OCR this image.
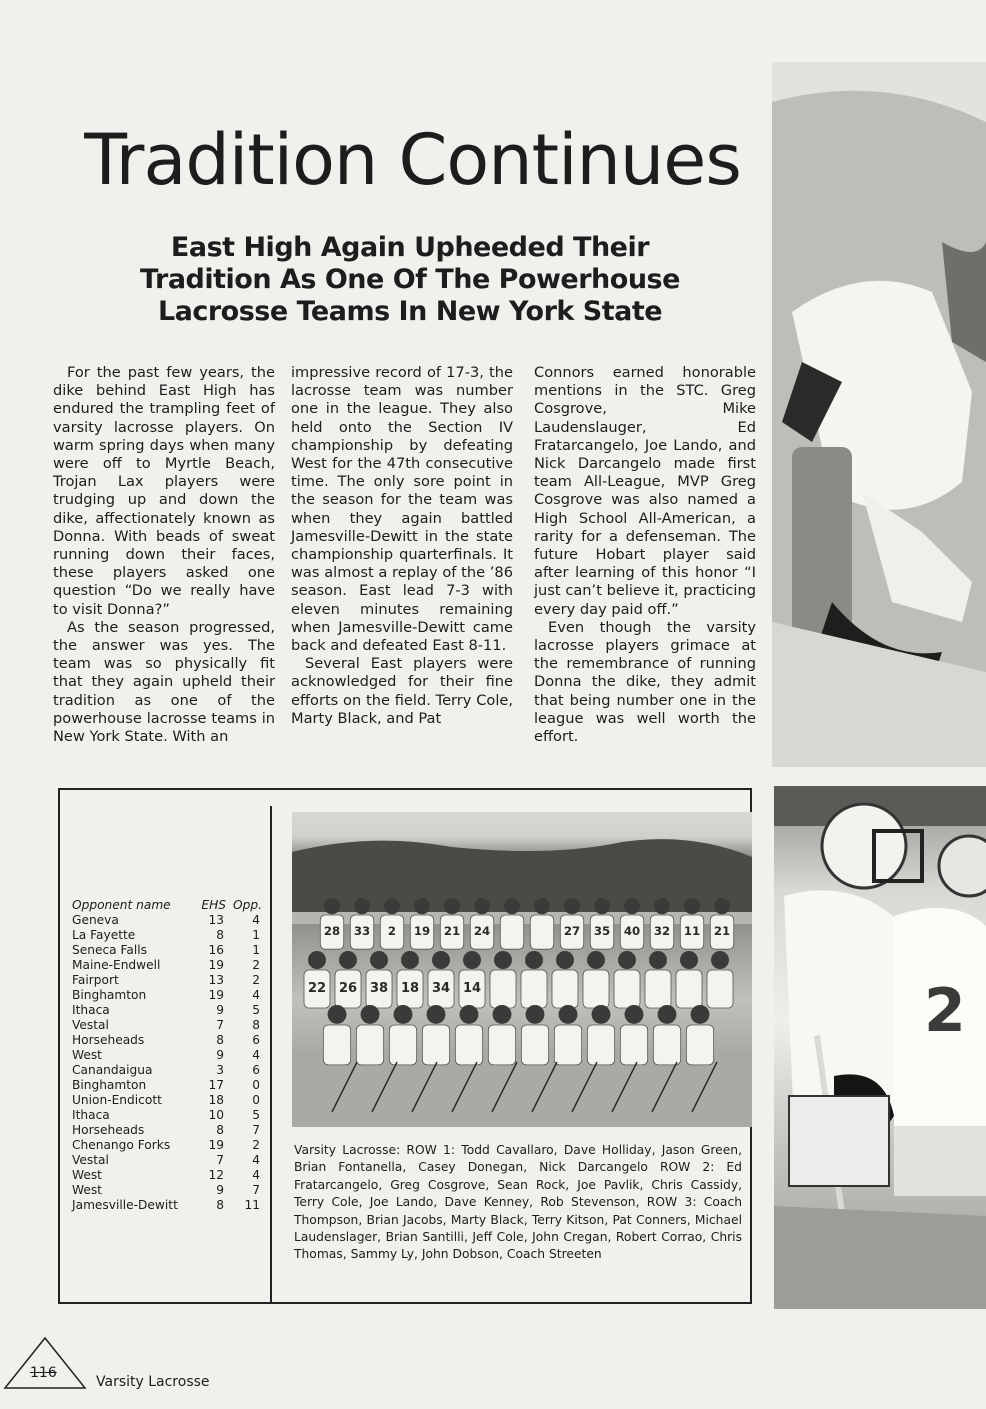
2
Tradition Continues
East High Again Upheeded Their Tradition As One Of The Powerhouse Lacrosse Teams In New York State

For the past few years, the dike behind East High has endured the trampling feet of varsity lacrosse players. On warm spring days when many were off to Myrtle Beach, Trojan Lax players were trudging up and down the dike, affectionately known as Donna. With beads of sweat running down their faces, these players asked one question “Do we really have to visit Donna?”

As the season progressed, the answer was yes. The team was so physically fit that they again upheld their tradition as one of the powerhouse lacrosse teams in New York State. With an

impressive record of 17-3, the lacrosse team was number one in the league. They also held onto the Section IV championship by defeating West for the 47th consecutive time. The only sore point in the season for the team was when they again battled Jamesville-Dewitt in the state championship quarterfinals. It was almost a replay of the ’86 season. East lead 7-3 with eleven minutes remaining when Jamesville-Dewitt came back and defeated East 8-11.

Several East players were acknowledged for their fine efforts on the field. Terry Cole, Marty Black, and Pat

Connors earned honorable mentions in the STC. Greg Cosgrove, Mike Laudenslauger, Ed Fratarcangelo, Joe Lando, and Nick Darcangelo made first team All-League, MVP Greg Cosgrove was also named a High School All-American, a rarity for a defenseman. The future Hobart player said after learning of this honor “I just can’t believe it, practicing every day paid off.”

Even though the varsity lacrosse players grimace at the remembrance of running Donna the dike, they admit that being number one in the league was well worth the effort.

Opponent name	EHS	Opp.
Geneva	13	4
La Fayette	8	1
Seneca Falls	16	1
Maine-Endwell	19	2
Fairport	13	2
Binghamton	19	4
Ithaca	9	5
Vestal	7	8
Horseheads	8	6
West	9	4
Canandaigua	3	6
Binghamton	17	0
Union-Endicott	18	0
Ithaca	10	5
Horseheads	8	7
Chenango Forks	19	2
Vestal	7	4
West	12	4
West	9	7
Jamesville-Dewitt	8	11
28 33 2 19 21 24	27 35 40 32 11 21
22 26 38 18 34 14

Varsity Lacrosse: ROW 1: Todd Cavallaro, Dave Holliday, Jason Green, Brian Fontanella, Casey Donegan, Nick Darcangelo ROW 2: Ed Fratarcangelo, Greg Cosgrove, Sean Rock, Joe Pavlik, Chris Cassidy, Terry Cole, Joe Lando, Dave Kenney, Rob Stevenson, ROW 3: Coach Thompson, Brian Jacobs, Marty Black, Terry Kitson, Pat Conners, Michael Laudenslager, Brian Santilli, Jeff Cole, John Cregan, Robert Corrao, Chris Thomas, Sammy Ly, John Dobson, Coach Streeten

116
Varsity Lacrosse
